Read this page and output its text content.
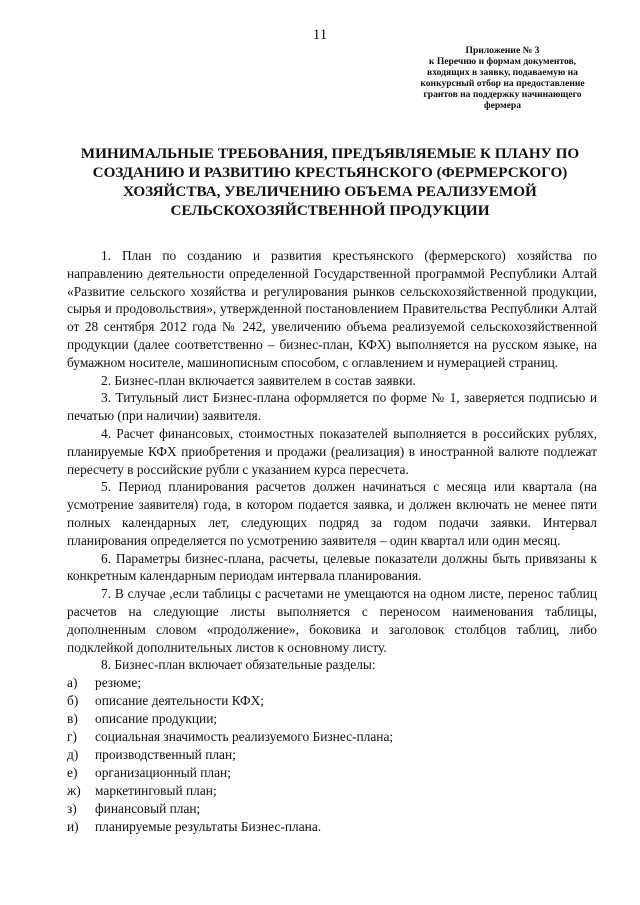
11
Приложение № 3
к Перечню и формам документов,
входящих в заявку, подаваемую на
конкурсный отбор на предоставление
грантов на поддержку начинающего
фермера
МИНИМАЛЬНЫЕ ТРЕБОВАНИЯ, ПРЕДЪЯВЛЯЕМЫЕ К ПЛАНУ ПО СОЗДАНИЮ И РАЗВИТИЮ КРЕСТЬЯНСКОГО (ФЕРМЕРСКОГО) ХОЗЯЙСТВА, УВЕЛИЧЕНИЮ ОБЪЕМА РЕАЛИЗУЕМОЙ СЕЛЬСКОХОЗЯЙСТВЕННОЙ ПРОДУКЦИИ

1. План по созданию и развития крестьянского (фермерского) хозяйства по направлению деятельности определенной Государственной программой Республики Алтай «Развитие сельского хозяйства и регулирования рынков сельскохозяйственной продукции, сырья и продовольствия», утвержденной постановлением Правительства Республики Алтай от 28 сентября 2012 года № 242, увеличению объема реализуемой сельскохозяйственной продукции (далее соответственно – бизнес-план, КФХ) выполняется на русском языке, на бумажном носителе, машинописным способом, с оглавлением и нумерацией страниц.

2. Бизнес-план включается заявителем в состав заявки.

3. Титульный лист Бизнес-плана оформляется по форме № 1, заверяется подписью и печатью (при наличии) заявителя.

4. Расчет финансовых, стоимостных показателей выполняется в российских рублях, планируемые КФХ приобретения и продажи (реализация) в иностранной валюте подлежат пересчету в российские рубли с указанием курса пересчета.

5. Период планирования расчетов должен начинаться с месяца или квартала (на усмотрение заявителя) года, в котором подается заявка, и должен включать не менее пяти полных календарных лет, следующих подряд за годом подачи заявки. Интервал планирования определяется по усмотрению заявителя – один квартал или один месяц.

6. Параметры бизнес-плана, расчеты, целевые показатели должны быть привязаны к конкретным календарным периодам интервала планирования.

7. В случае ,если таблицы с расчетами не умещаются на одном листе, перенос таблиц расчетов на следующие листы выполняется с переносом наименования таблицы, дополненным словом «продолжение», боковика и заголовок столбцов таблиц, либо подклейкой дополнительных листов к основному листу.

8. Бизнес-план включает обязательные разделы:

а) резюме;
б) описание деятельности КФХ;
в) описание продукции;
г) социальная значимость реализуемого Бизнес-плана;
д) производственный план;
е) организационный план;
ж) маркетинговый план;
з) финансовый план;
и) планируемые результаты Бизнес-плана.
